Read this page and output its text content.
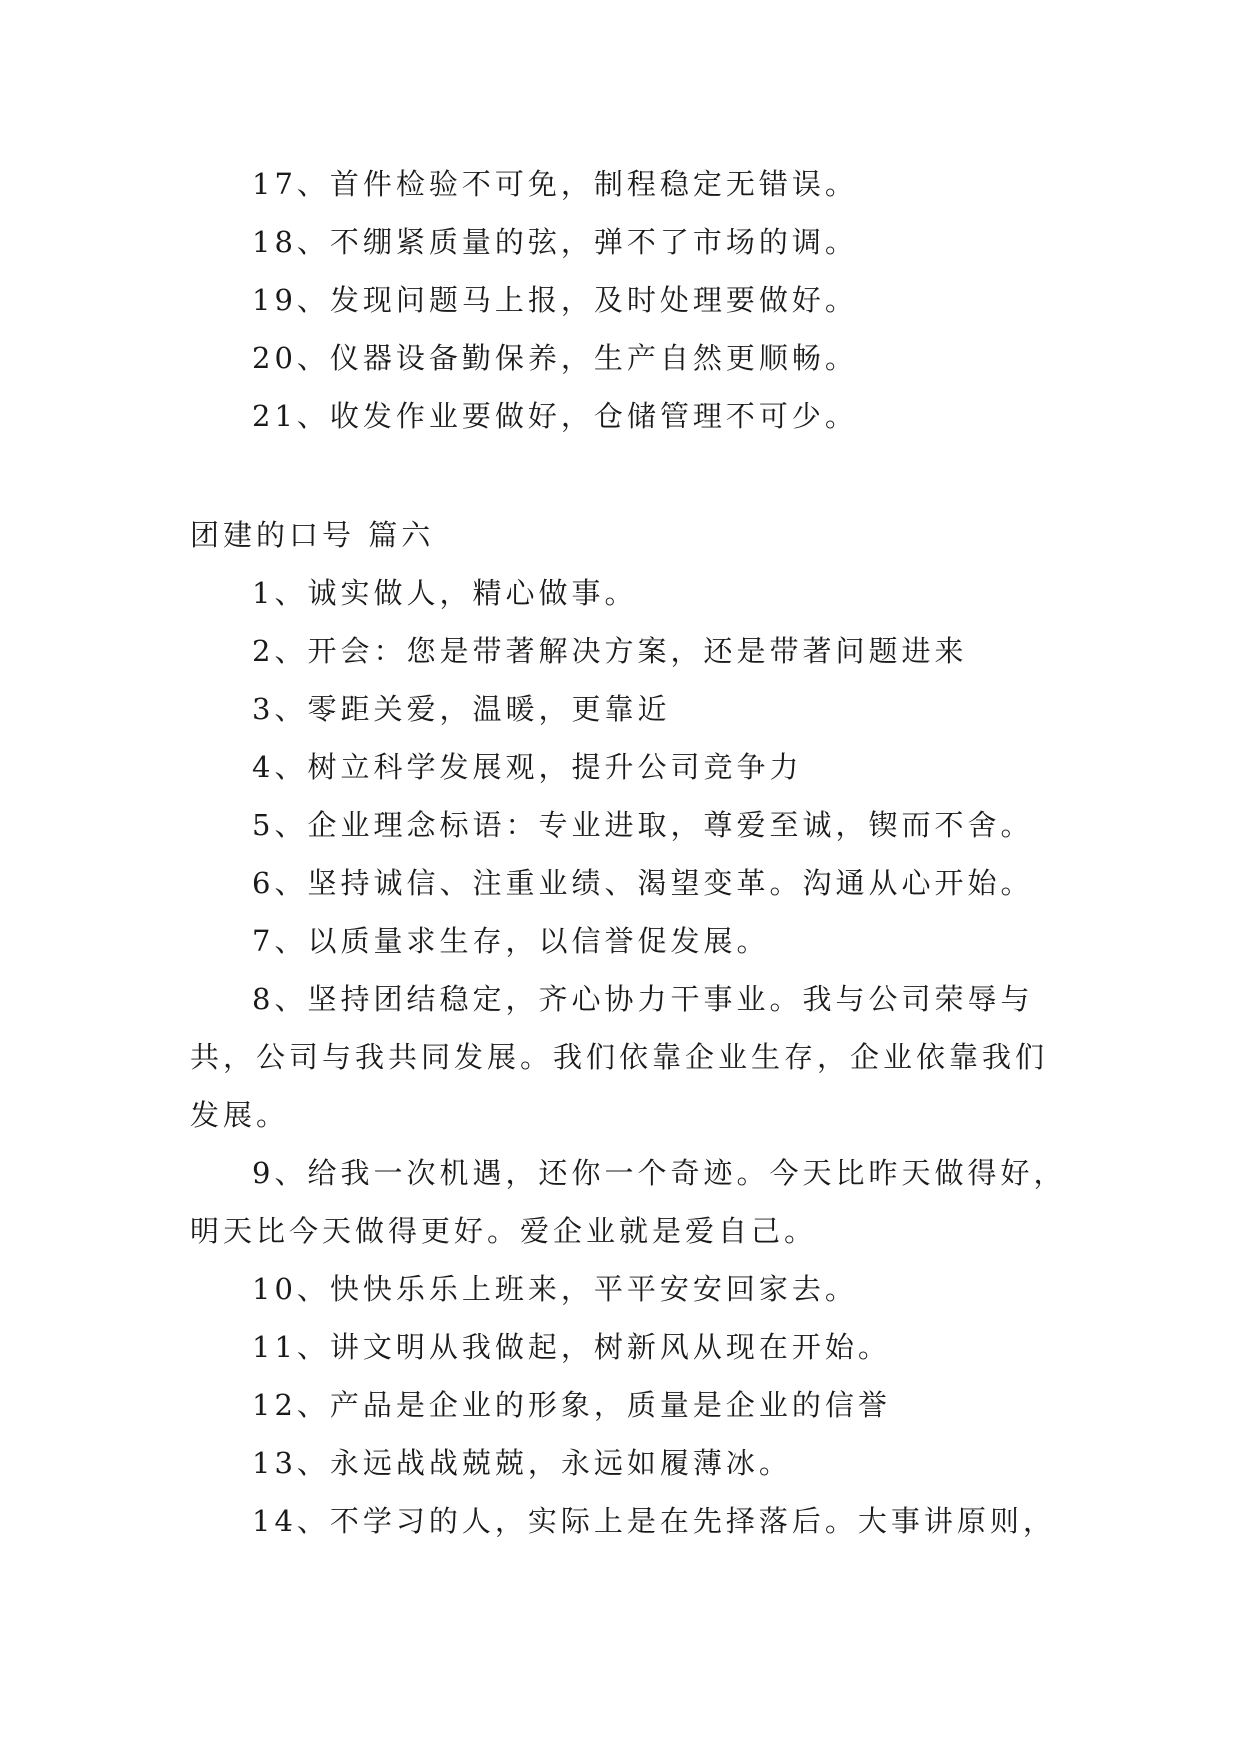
17、首件检验不可免，制程稳定无错误。
18、不绷紧质量的弦，弹不了市场的调。
19、发现问题马上报，及时处理要做好。
20、仪器设备勤保养，生产自然更顺畅。
21、收发作业要做好，仓储管理不可少。
团建的口号 篇六
1、诚实做人，精心做事。
2、开会：您是带著解决方案，还是带著问题进来
3、零距关爱，温暖，更靠近
4、树立科学发展观，提升公司竞争力
5、企业理念标语：专业进取，尊爱至诚，锲而不舍。
6、坚持诚信、注重业绩、渴望变革。沟通从心开始。
7、以质量求生存，以信誉促发展。
8、坚持团结稳定，齐心协力干事业。我与公司荣辱与
共，公司与我共同发展。我们依靠企业生存，企业依靠我们
发展。
9、给我一次机遇，还你一个奇迹。今天比昨天做得好，
明天比今天做得更好。爱企业就是爱自己。
10、快快乐乐上班来，平平安安回家去。
11、讲文明从我做起，树新风从现在开始。
12、产品是企业的形象，质量是企业的信誉
13、永远战战兢兢，永远如履薄冰。
14、不学习的人，实际上是在先择落后。大事讲原则，
